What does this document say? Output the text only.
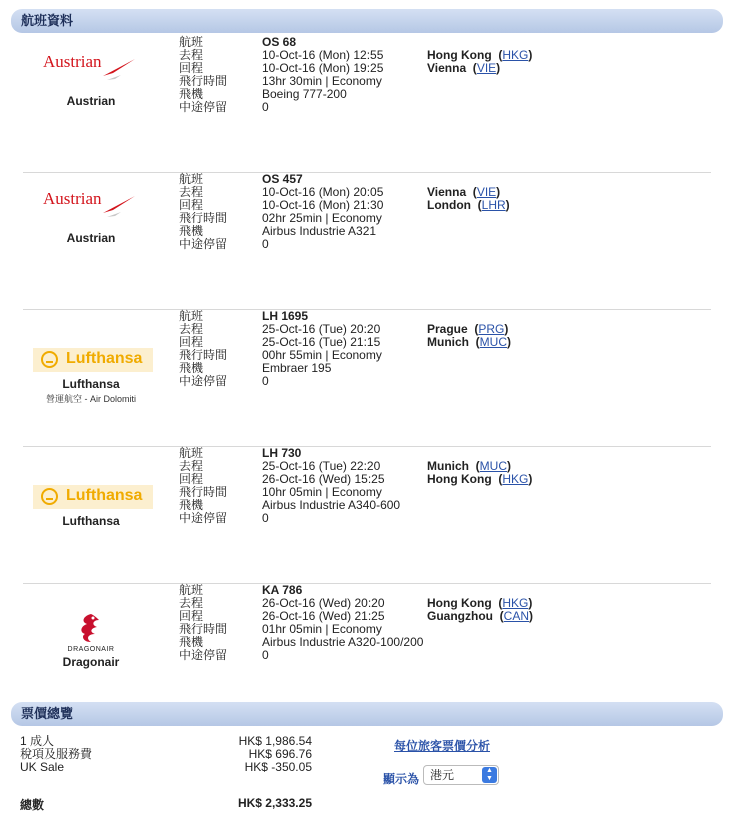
航班資料
Austrian
Austrian
航班
去程
回程
飛行時間
飛機
中途停留
OS 68
10-Oct-16 (Mon) 12:55
10-Oct-16 (Mon) 19:25
13hr 30min | Economy
Boeing 777-200
0
Hong Kong  (HKG)
Vienna  (VIE)
Austrian
Austrian
航班
去程
回程
飛行時間
飛機
中途停留
OS 457
10-Oct-16 (Mon) 20:05
10-Oct-16 (Mon) 21:30
02hr 25min | Economy
Airbus Industrie A321
0
Vienna  (VIE)
London  (LHR)
Lufthansa
Lufthansa
營運航空 - Air Dolomiti
航班
去程
回程
飛行時間
飛機
中途停留
LH 1695
25-Oct-16 (Tue) 20:20
25-Oct-16 (Tue) 21:15
00hr 55min | Economy
Embraer 195
0
Prague  (PRG)
Munich  (MUC)
Lufthansa
Lufthansa
航班
去程
回程
飛行時間
飛機
中途停留
LH 730
25-Oct-16 (Tue) 22:20
26-Oct-16 (Wed) 15:25
10hr 05min | Economy
Airbus Industrie A340-600
0
Munich  (MUC)
Hong Kong  (HKG)
DRAGONAIR
Dragonair
航班
去程
回程
飛行時間
飛機
中途停留
KA 786
26-Oct-16 (Wed) 20:20
26-Oct-16 (Wed) 21:25
01hr 05min | Economy
Airbus Industrie A320-100/200
0
Hong Kong  (HKG)
Guangzhou  (CAN)
票價總覽
1 成人
稅項及服務費
UK Sale
HK$ 1,986.54
HK$ 696.76
HK$ -350.05
總數	HK$ 2,333.25
每位旅客票價分析
顯示為 港元	▲
▼
